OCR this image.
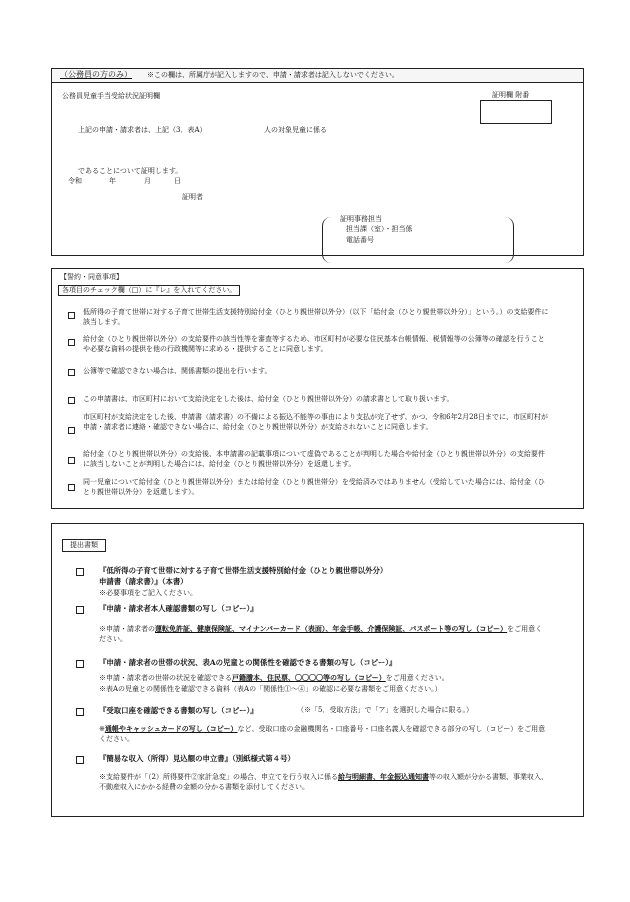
（公務員の方のみ） ※この欄は、所属庁が記入しますので、申請・請求者は記入しないでください。
公務員児童手当受給状況証明欄	証明欄 附番
上記の申請・請求者は、上記（3．表A）	人の対象児童に係る
であることについて証明します。
令和	年	月	日
証明者
証明事務担当
担当課（室）・担当係
電話番号
【誓約・同意事項】
各項目のチェック欄（□）に『レ』を入れてください。
低所得の子育て世帯に対する子育て世帯生活支援特別給付金（ひとり親世帯以外分）（以下「給付金（ひとり親世帯以外分）」という。）の支給要件に該当します。
給付金（ひとり親世帯以外分）の支給要件の該当性等を審査等するため、市区町村が必要な住民基本台帳情報、税情報等の公簿等の確認を行うことや必要な資料の提供を他の行政機関等に求める・提供することに同意します。
公簿等で確認できない場合は、関係書類の提出を行います。
この申請書は、市区町村において支給決定をした後は、給付金（ひとり親世帯以外分）の請求書として取り扱います。
市区町村が支給決定をした後、申請書（請求書）の不備による振込不能等の事由により支払が完了せず、かつ、令和6年2月28日までに、市区町村が申請・請求者に連絡・確認できない場合に、給付金（ひとり親世帯以外分）が支給されないことに同意します。
給付金（ひとり親世帯以外分）の支給後、本申請書の記載事項について虚偽であることが判明した場合や給付金（ひとり親世帯以外分）の支給要件に該当しないことが判明した場合には、給付金（ひとり親世帯以外分）を返還します。
同一児童について給付金（ひとり親世帯以外分）または給付金（ひとり親世帯分）を受給済みではありません（受給していた場合には、給付金（ひとり親世帯以外分）を返還します）。
提出書類
『低所得の子育て世帯に対する子育て世帯生活支援特別給付金（ひとり親世帯以外分）
申請書（請求書）』（本書）
※必要事項をご記入ください。
『申請・請求者本人確認書類の写し（コピー）』
※申請・請求者の運転免許証、健康保険証、マイナンバーカード（表面）、年金手帳、介護保険証、パスポート等の写し（コピー）をご用意ください。
『申請・請求者の世帯の状況、表Aの児童との関係性を確認できる書類の写し（コピー）』
※申請・請求者の世帯の状況を確認できる戸籍謄本、住民票、〇〇〇〇等の写し（コピー）をご用意ください。
※表Aの児童との関係性を確認できる資料（表Aの「関係性①～④」の確認に必要な書類をご用意ください。）
『受取口座を確認できる書類の写し（コピー）』	（※「5．受取方法」で「ア」を選択した場合に限る。）
※通帳やキャッシュカードの写し（コピー）など、受取口座の金融機関名・口座番号・口座名義人を確認できる部分の写し（コピー）をご用意ください。
『簡易な収入（所得）見込額の申立書』（別紙様式第４号）
※支給要件が「（2）所得要件②家計急変」の場合、申立てを行う収入に係る給与明細書、年金振込通知書等の収入額が分かる書類、事業収入、不動産収入にかかる経費の金額の分かる書類を添付してください。
